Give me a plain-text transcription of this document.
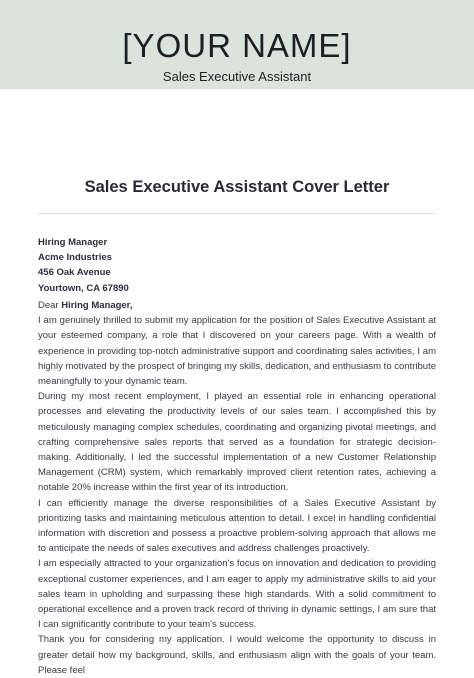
[YOUR NAME]
Sales Executive Assistant
Sales Executive Assistant Cover Letter
Hiring Manager
Acme Industries
456 Oak Avenue
Yourtown, CA 67890

Dear Hiring Manager,

I am genuinely thrilled to submit my application for the position of Sales Executive Assistant at your esteemed company, a role that I discovered on your careers page. With a wealth of experience in providing top-notch administrative support and coordinating sales activities, I am highly motivated by the prospect of bringing my skills, dedication, and enthusiasm to contribute meaningfully to your dynamic team.

During my most recent employment, I played an essential role in enhancing operational processes and elevating the productivity levels of our sales team. I accomplished this by meticulously managing complex schedules, coordinating and organizing pivotal meetings, and crafting comprehensive sales reports that served as a foundation for strategic decision-making. Additionally, I led the successful implementation of a new Customer Relationship Management (CRM) system, which remarkably improved client retention rates, achieving a notable 20% increase within the first year of its introduction.

I can efficiently manage the diverse responsibilities of a Sales Executive Assistant by prioritizing tasks and maintaining meticulous attention to detail. I excel in handling confidential information with discretion and possess a proactive problem-solving approach that allows me to anticipate the needs of sales executives and address challenges proactively.

I am especially attracted to your organization's focus on innovation and dedication to providing exceptional customer experiences, and I am eager to apply my administrative skills to aid your sales team in upholding and surpassing these high standards. With a solid commitment to operational excellence and a proven track record of thriving in dynamic settings, I am sure that I can significantly contribute to your team's success.

Thank you for considering my application. I would welcome the opportunity to discuss in greater detail how my background, skills, and enthusiasm align with the goals of your team. Please feel
